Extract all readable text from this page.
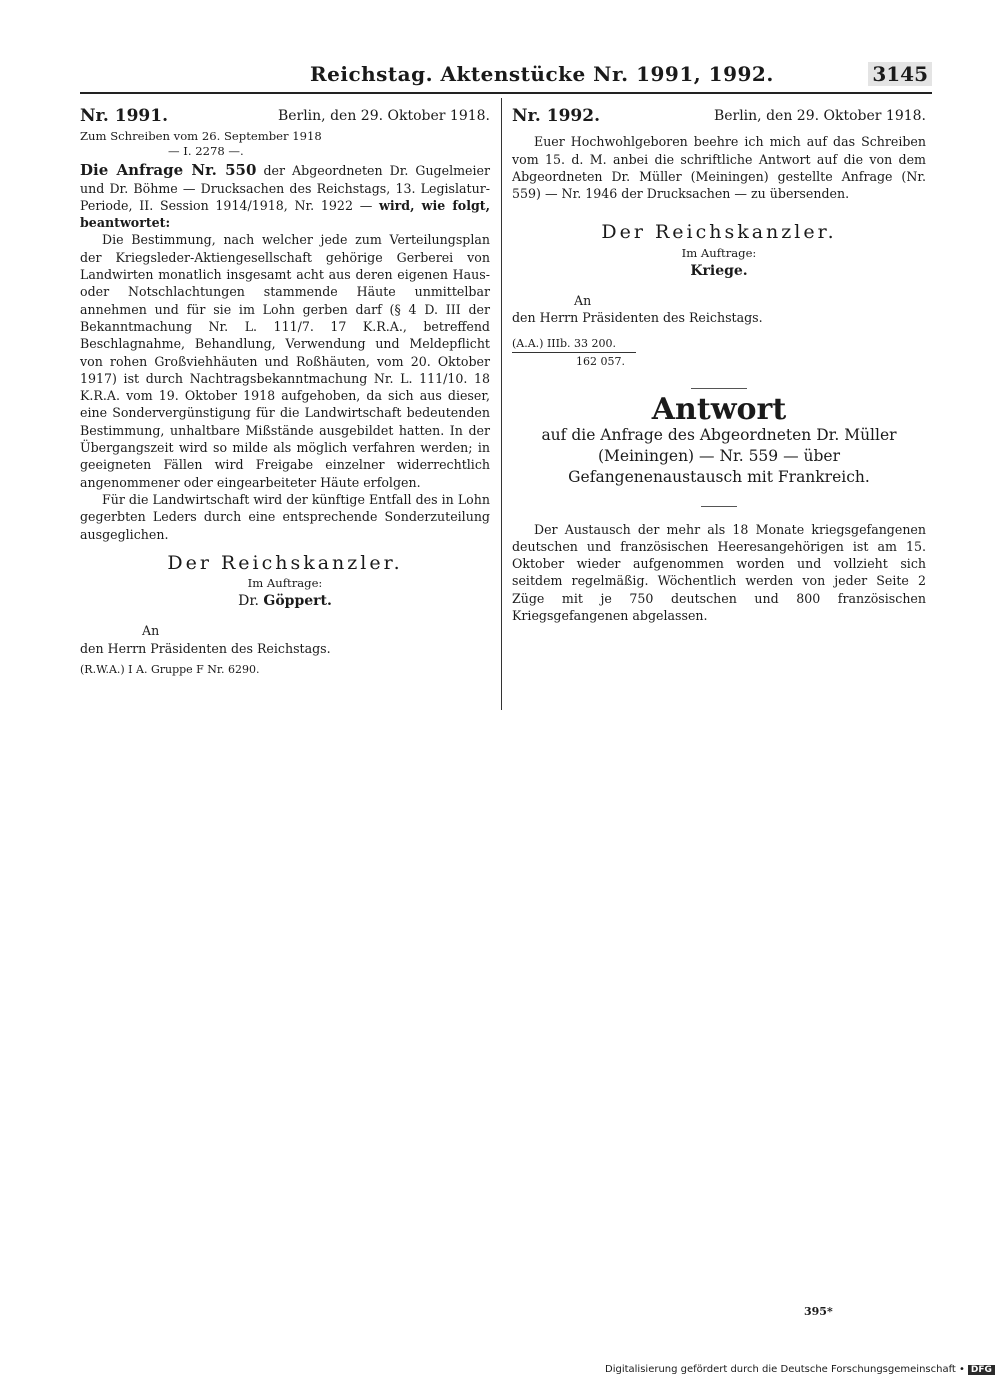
Reichstag. Aktenstücke Nr. 1991, 1992.	3145
Nr. 1991.	Berlin, den 29. Oktober 1918.
Zum Schreiben vom 26. September 1918
— I. 2278 —.
Die Anfrage Nr. 550 der Abgeordneten Dr. Gugelmeier und Dr. Böhme — Drucksachen des Reichstags, 13. Legislatur-Periode, II. Session 1914/1918, Nr. 1922 — wird, wie folgt, beantwortet:
Die Bestimmung, nach welcher jede zum Verteilungsplan der Kriegsleder-Aktiengesellschaft gehörige Gerberei von Landwirten monatlich insgesamt acht aus deren eigenen Haus- oder Notschlachtungen stammende Häute unmittelbar annehmen und für sie im Lohn gerben darf (§ 4 D. III der Bekanntmachung Nr. L. 111/7. 17 K.R.A., betreffend Beschlagnahme, Behandlung, Verwendung und Meldepflicht von rohen Großviehhäuten und Roßhäuten, vom 20. Oktober 1917) ist durch Nachtragsbekanntmachung Nr. L. 111/10. 18 K.R.A. vom 19. Oktober 1918 aufgehoben, da sich aus dieser, eine Sondervergünstigung für die Landwirtschaft bedeutenden Bestimmung, unhaltbare Mißstände ausgebildet hatten. In der Übergangszeit wird so milde als möglich verfahren werden; in geeigneten Fällen wird Freigabe einzelner widerrechtlich angenommener oder eingearbeiteter Häute erfolgen.
Für die Landwirtschaft wird der künftige Entfall des in Lohn gegerbten Leders durch eine entsprechende Sonderzuteilung ausgeglichen.
Der Reichskanzler.
Im Auftrage:
Dr. Göppert.
An
den Herrn Präsidenten des Reichstags.
(R.W.A.) I A. Gruppe F Nr. 6290.
Nr. 1992.	Berlin, den 29. Oktober 1918.
Euer Hochwohlgeboren beehre ich mich auf das Schreiben vom 15. d. M. anbei die schriftliche Antwort auf die von dem Abgeordneten Dr. Müller (Meiningen) gestellte Anfrage (Nr. 559) — Nr. 1946 der Drucksachen — zu übersenden.
Der Reichskanzler.
Im Auftrage:
Kriege.
An
den Herrn Präsidenten des Reichstags.
(A.A.) IIIb. 33 200.
162 057.
Antwort
auf die Anfrage des Abgeordneten Dr. Müller (Meiningen) — Nr. 559 — über Gefangenenaustausch mit Frankreich.
Der Austausch der mehr als 18 Monate kriegsgefangenen deutschen und französischen Heeresangehörigen ist am 15. Oktober wieder aufgenommen worden und vollzieht sich seitdem regelmäßig. Wöchentlich werden von jeder Seite 2 Züge mit je 750 deutschen und 800 französischen Kriegsgefangenen abgelassen.
395*
Digitalisierung gefördert durch die Deutsche Forschungsgemeinschaft • DFG
